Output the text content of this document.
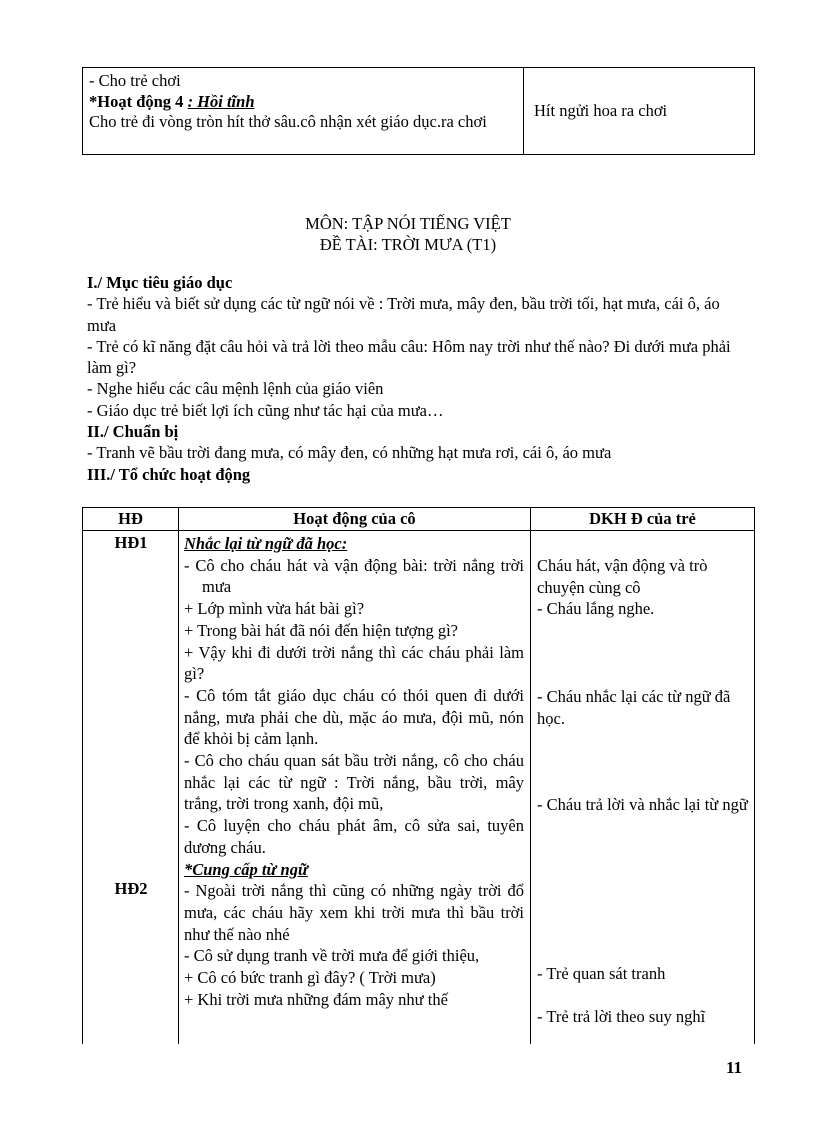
- Cho trẻ chơi
*Hoạt động 4 : Hồi tĩnh
Cho trẻ đi vòng tròn hít thở sâu.cô nhận xét giáo dục.ra chơi
Hít ngửi hoa ra chơi
MÔN: TẬP NÓI TIẾNG VIỆT
ĐỀ TÀI: TRỜI MƯA (T1)

I./ Mục tiêu giáo dục

- Trẻ hiểu và biết sử dụng các từ ngữ nói về : Trời mưa, mây đen, bầu trời tối, hạt mưa, cái ô, áo mưa

- Trẻ có kĩ năng đặt câu hỏi và trả lời theo mẫu câu: Hôm nay trời như thế nào? Đi dưới mưa phải làm gì?

- Nghe hiểu các câu mệnh lệnh của giáo viên

- Giáo dục trẻ biết lợi ích cũng như tác hại của mưa…

II./ Chuẩn bị

- Tranh vẽ bầu trời đang mưa, có mây đen, có những hạt mưa rơi, cái ô, áo mưa

III./ Tổ chức hoạt động

HĐ	Hoạt động của cô	DKH Đ của trẻ
HĐ1
HĐ2

Nhắc lại từ ngữ đã học:

- Cô cho cháu hát và vận động bài: trời nắng trời mưa

+ Lớp mình vừa hát bài gì?

+ Trong bài hát đã nói đến hiện tượng gì?

+ Vậy khi đi dưới trời nắng thì các cháu phải làm gì?

- Cô tóm tắt giáo dục cháu có thói quen đi dưới nắng, mưa phải che dù, mặc áo mưa, đội mũ, nón để khỏi bị cảm lạnh.

- Cô cho cháu quan sát bầu trời nắng, cô cho cháu nhắc lại các từ ngữ : Trời nắng, bầu trời, mây trắng, trời trong xanh, đội mũ,

- Cô luyện cho cháu phát âm, cô sửa sai, tuyên dương cháu.

*Cung cấp từ ngữ

- Ngoài trời nắng thì cũng có những ngày trời đổ mưa, các cháu hãy xem khi trời mưa thì bầu trời như thế nào nhé

- Cô sử dụng tranh về trời mưa để giới thiệu,

+ Cô có bức tranh gì đây? ( Trời mưa)

+ Khi trời mưa những đám mây như thế

Cháu hát, vận động và trò chuyện cùng cô
- Cháu lắng nghe.
- Cháu nhắc lại các từ ngữ đã học.
- Cháu trả lời và nhắc lại từ ngữ
- Trẻ quan sát tranh
- Trẻ trả lời theo suy nghĩ
11
